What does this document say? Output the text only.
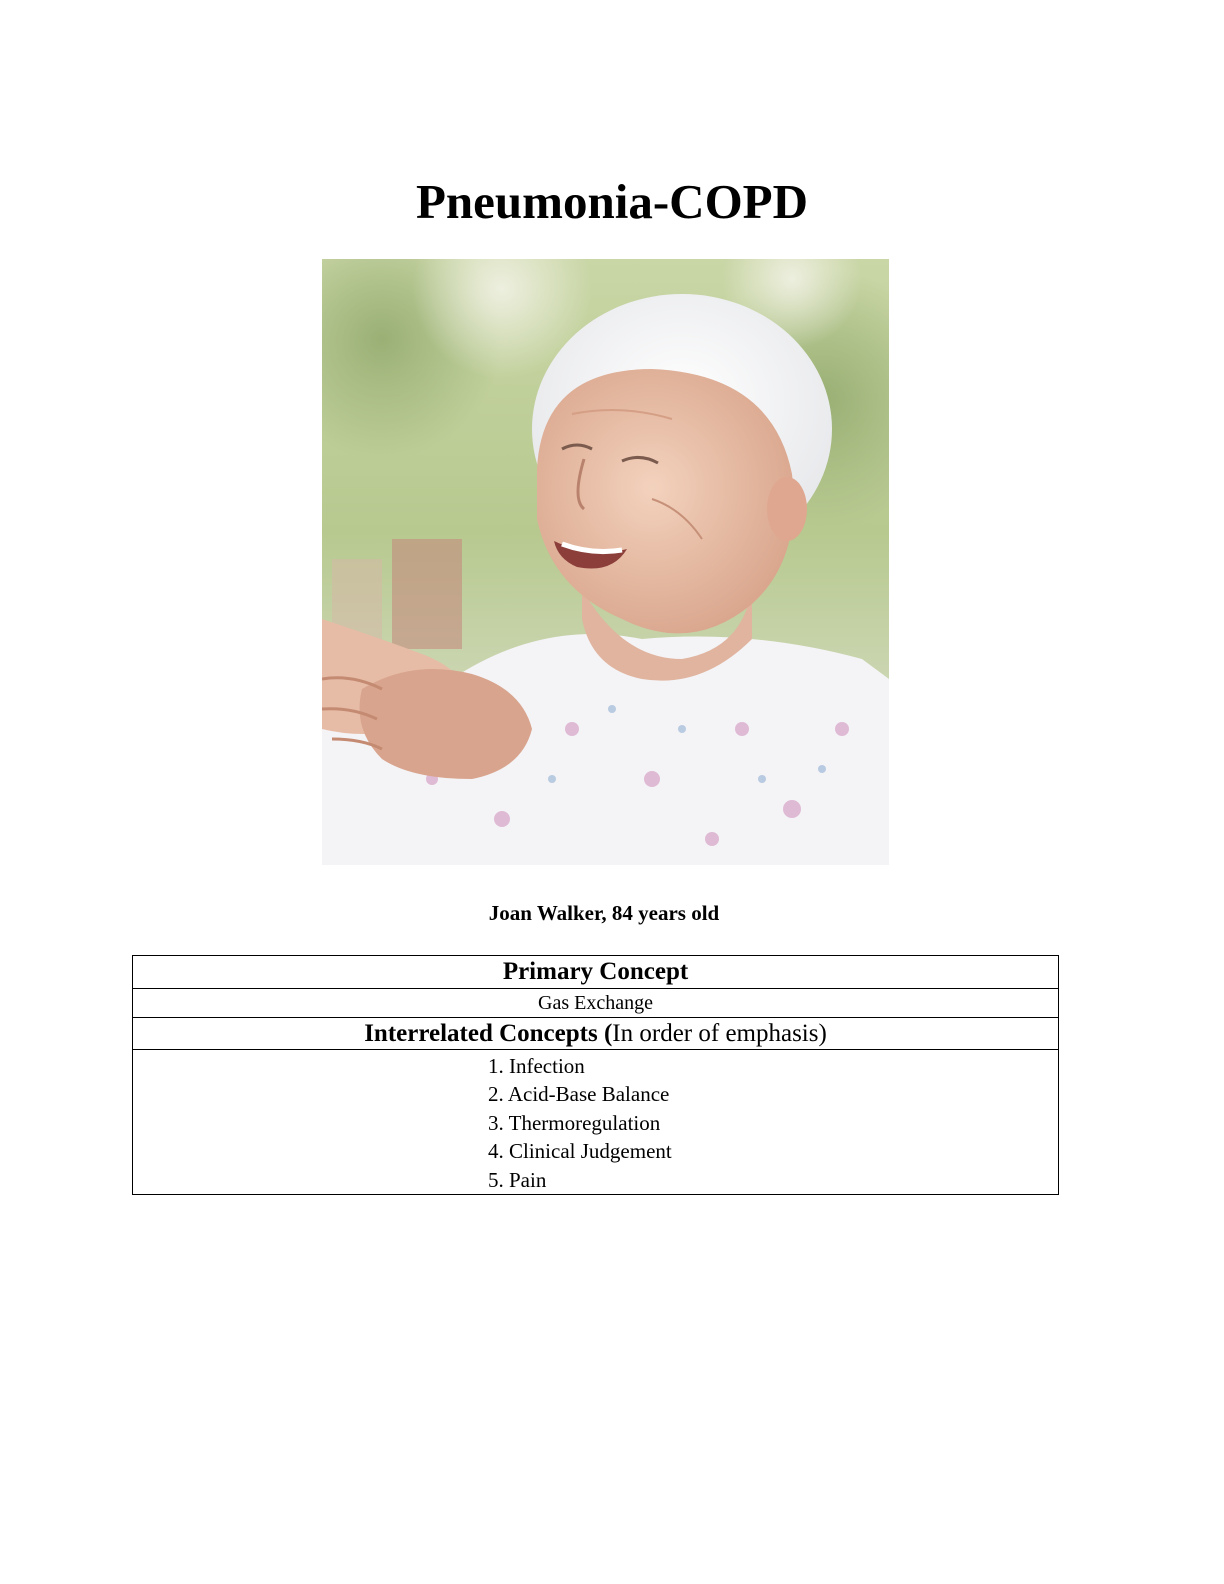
Pneumonia-COPD
Joan Walker, 84 years old
Primary Concept
Gas Exchange
Interrelated Concepts (In order of emphasis)

1. Infection
2. Acid-Base Balance
3. Thermoregulation
4. Clinical Judgement
5. Pain
